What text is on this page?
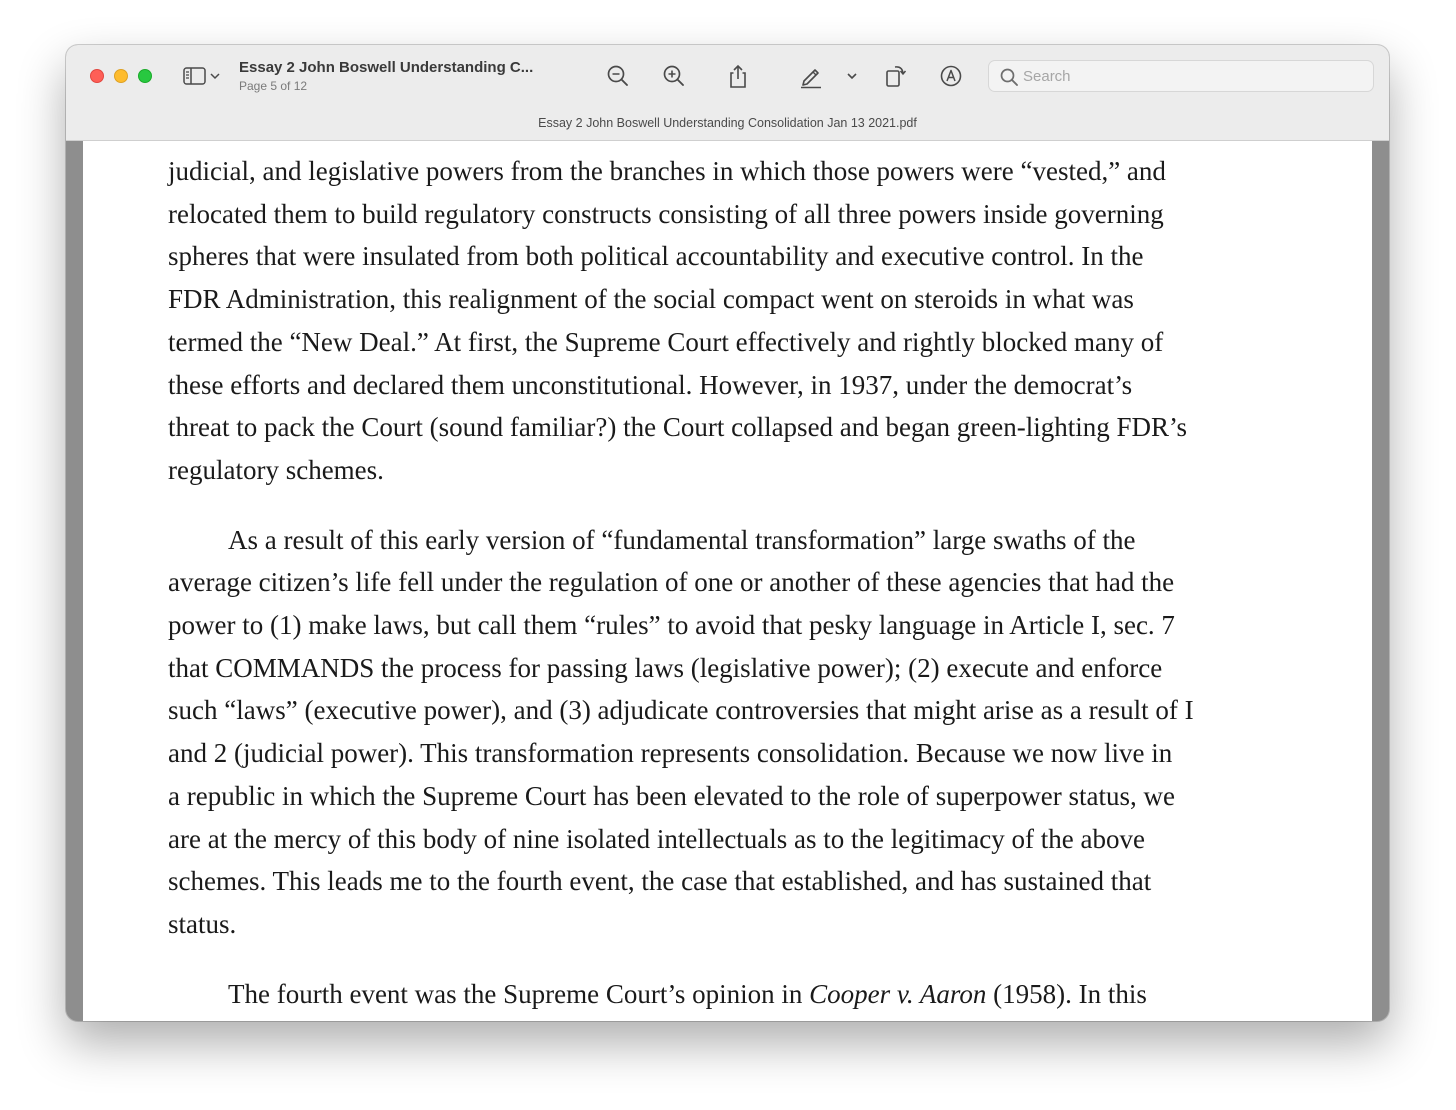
Essay 2 John Boswell Understanding C...
Page 5 of 12
Search
Essay 2 John Boswell Understanding Consolidation Jan 13 2021.pdf

judicial, and legislative powers from the branches in which those powers were “vested,” and
relocated them to build regulatory constructs consisting of all three powers inside governing
spheres that were insulated from both political accountability and executive control. In the
FDR Administration, this realignment of the social compact went on steroids in what was
termed the “New Deal.” At first, the Supreme Court effectively and rightly blocked many of
these efforts and declared them unconstitutional. However, in 1937, under the democrat’s
threat to pack the Court (sound familiar?) the Court collapsed and began green-lighting FDR’s
regulatory schemes.

As a result of this early version of “fundamental transformation” large swaths of the
average citizen’s life fell under the regulation of one or another of these agencies that had the
power to (1) make laws, but call them “rules” to avoid that pesky language in Article I, sec. 7
that COMMANDS the process for passing laws (legislative power); (2) execute and enforce
such “laws” (executive power), and (3) adjudicate controversies that might arise as a result of I
and 2 (judicial power). This transformation represents consolidation. Because we now live in
a republic in which the Supreme Court has been elevated to the role of superpower status, we
are at the mercy of this body of nine isolated intellectuals as to the legitimacy of the above
schemes. This leads me to the fourth event, the case that established, and has sustained that
status.

The fourth event was the Supreme Court’s opinion in Cooper v. Aaron (1958). In this
